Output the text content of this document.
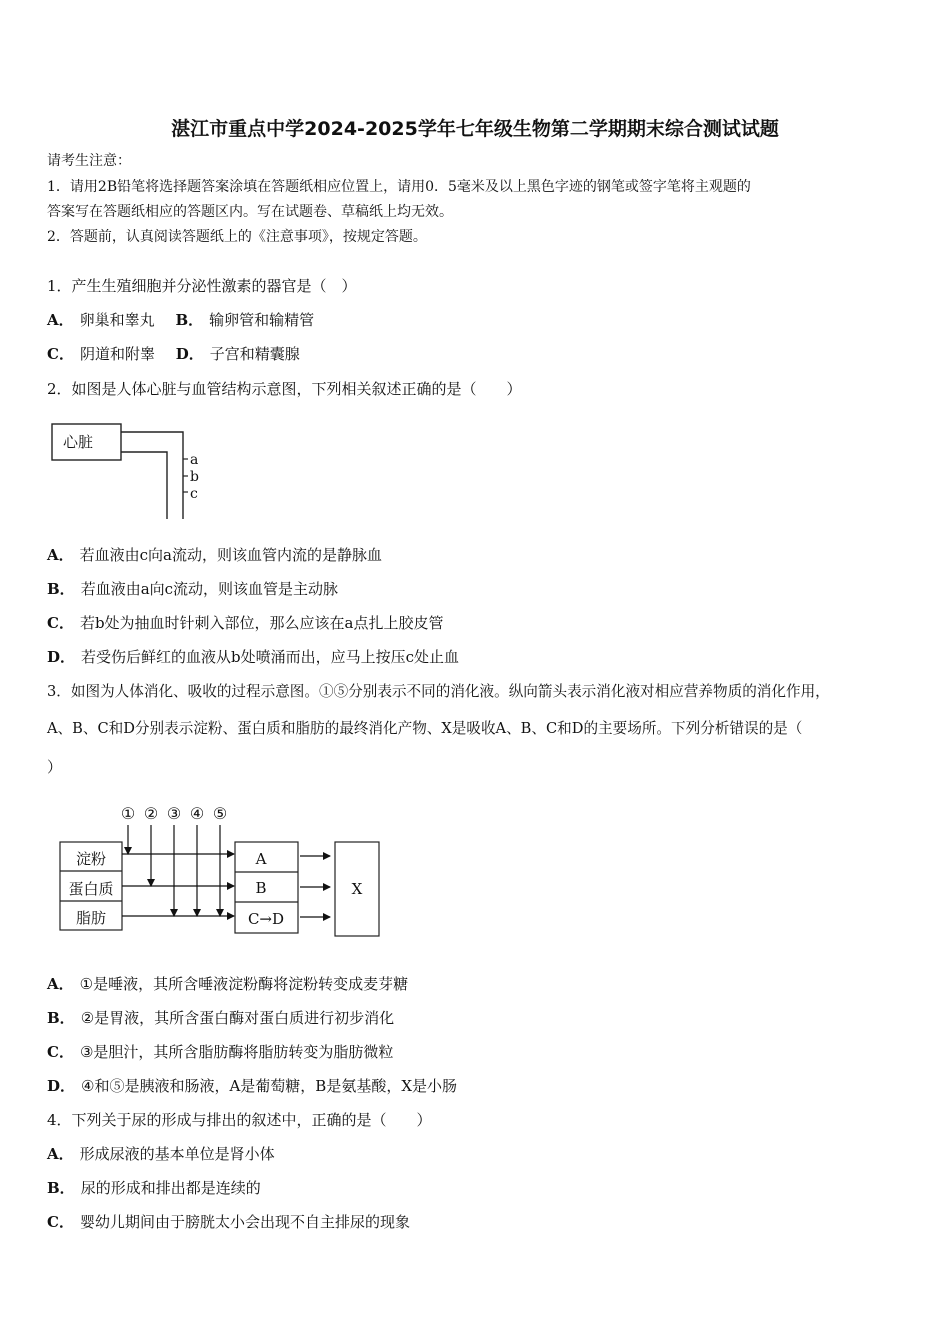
湛江市重点中学2024-2025学年七年级生物第二学期期末综合测试试题
请考生注意：
1．请用2B铅笔将选择题答案涂填在答题纸相应位置上，请用0．5毫米及以上黑色字迹的钢笔或签字笔将主观题的
答案写在答题纸相应的答题区内。写在试题卷、草稿纸上均无效。
2．答题前，认真阅读答题纸上的《注意事项》，按规定答题。
1．产生生殖细胞并分泌性激素的器官是（　）
A． 卵巢和睾丸 B． 输卵管和输精管
C． 阴道和附睾 D． 子宫和精囊腺
2．如图是人体心脏与血管结构示意图，下列相关叙述正确的是（　　）
心脏
a
b
c
A． 若血液由c向a流动，则该血管内流的是静脉血
B． 若血液由a向c流动，则该血管是主动脉
C． 若b处为抽血时针刺入部位，那么应该在a点扎上胶皮管
D． 若受伤后鲜红的血液从b处喷涌而出，应马上按压c处止血
3．如图为人体消化、吸收的过程示意图。①⑤分别表示不同的消化液。纵向箭头表示消化液对相应营养物质的消化作用，
A、B、C和D分别表示淀粉、蛋白质和脂肪的最终消化产物、X是吸收A、B、C和D的主要场所。下列分析错误的是（
）
① ② ③ ④ ⑤
淀粉
蛋白质
脂肪
A
B
C→D
X
A． ①是唾液，其所含唾液淀粉酶将淀粉转变成麦芽糖
B． ②是胃液，其所含蛋白酶对蛋白质进行初步消化
C． ③是胆汁，其所含脂肪酶将脂肪转变为脂肪微粒
D． ④和⑤是胰液和肠液，A是葡萄糖，B是氨基酸，X是小肠
4．下列关于尿的形成与排出的叙述中，正确的是（　　）
A． 形成尿液的基本单位是肾小体
B． 尿的形成和排出都是连续的
C． 婴幼儿期间由于膀胱太小会出现不自主排尿的现象
